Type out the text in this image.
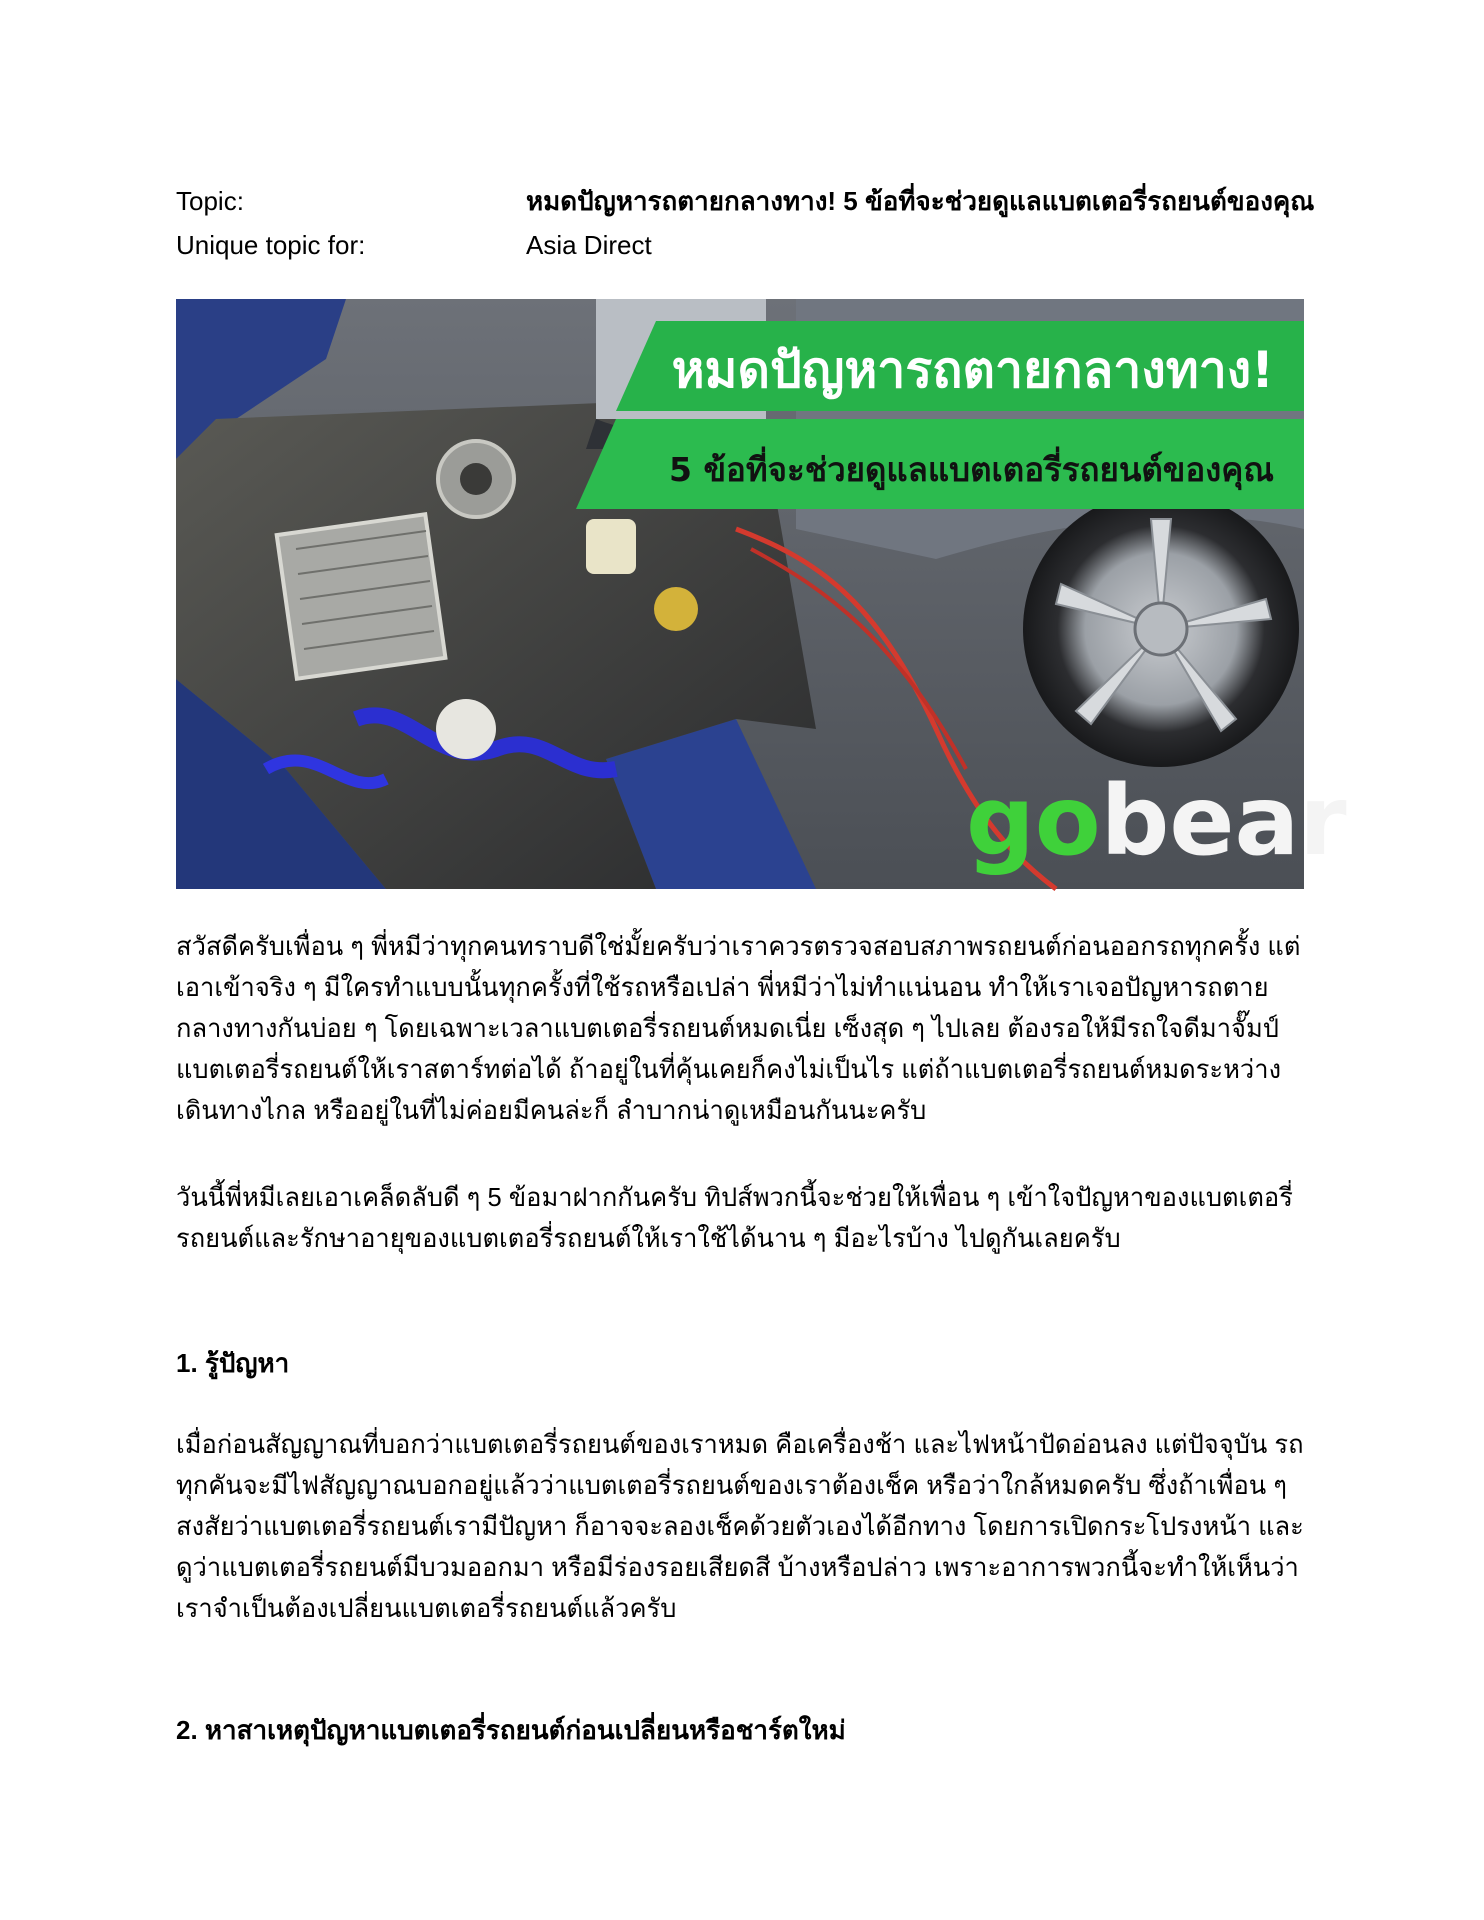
Topic:	หมดปัญหารถตายกลางทาง! 5 ข้อที่จะช่วยดูแลแบตเตอรี่รถยนต์ของคุณ
Unique topic for:	Asia Direct
หมดปัญหารถตายกลางทาง!
5 ข้อที่จะช่วยดูแลแบตเตอรี่รถยนต์ของคุณ
gobear

สวัสดีครับเพื่อน ๆ พี่หมีว่าทุกคนทราบดีใช่มั้ยครับว่าเราควรตรวจสอบสภาพรถยนต์ก่อนออกรถทุกครั้ง แต่เอาเข้าจริง ๆ มีใครทำแบบนั้นทุกครั้งที่ใช้รถหรือเปล่า พี่หมีว่าไม่ทำแน่นอน ทำให้เราเจอปัญหารถตายกลางทางกันบ่อย ๆ โดยเฉพาะเวลาแบตเตอรี่รถยนต์หมดเนี่ย เซ็งสุด ๆ ไปเลย ต้องรอให้มีรถใจดีมาจั๊มป์แบตเตอรี่รถยนต์ให้เราสตาร์ทต่อได้ ถ้าอยู่ในที่คุ้นเคยก็คงไม่เป็นไร แต่ถ้าแบตเตอรี่รถยนต์หมดระหว่างเดินทางไกล หรืออยู่ในที่ไม่ค่อยมีคนล่ะก็ ลำบากน่าดูเหมือนกันนะครับ

วันนี้พี่หมีเลยเอาเคล็ดลับดี ๆ 5 ข้อมาฝากกันครับ ทิปส์พวกนี้จะช่วยให้เพื่อน ๆ เข้าใจปัญหาของแบตเตอรี่รถยนต์และรักษาอายุของแบตเตอรี่รถยนต์ให้เราใช้ได้นาน ๆ มีอะไรบ้าง ไปดูกันเลยครับ

1. รู้ปัญหา

เมื่อก่อนสัญญาณที่บอกว่าแบตเตอรี่รถยนต์ของเราหมด คือเครื่องช้า และไฟหน้าปัดอ่อนลง แต่ปัจจุบัน รถทุกคันจะมีไฟสัญญาณบอกอยู่แล้วว่าแบตเตอรี่รถยนต์ของเราต้องเช็ค หรือว่าใกล้หมดครับ ซึ่งถ้าเพื่อน ๆ สงสัยว่าแบตเตอรี่รถยนต์เรามีปัญหา ก็อาจจะลองเช็คด้วยตัวเองได้อีกทาง โดยการเปิดกระโปรงหน้า และดูว่าแบตเตอรี่รถยนต์มีบวมออกมา หรือมีร่องรอยเสียดสี บ้างหรือปล่าว เพราะอาการพวกนี้จะทำให้เห็นว่าเราจำเป็นต้องเปลี่ยนแบตเตอรี่รถยนต์แล้วครับ

2. หาสาเหตุปัญหาแบตเตอรี่รถยนต์ก่อนเปลี่ยนหรือชาร์ตใหม่
